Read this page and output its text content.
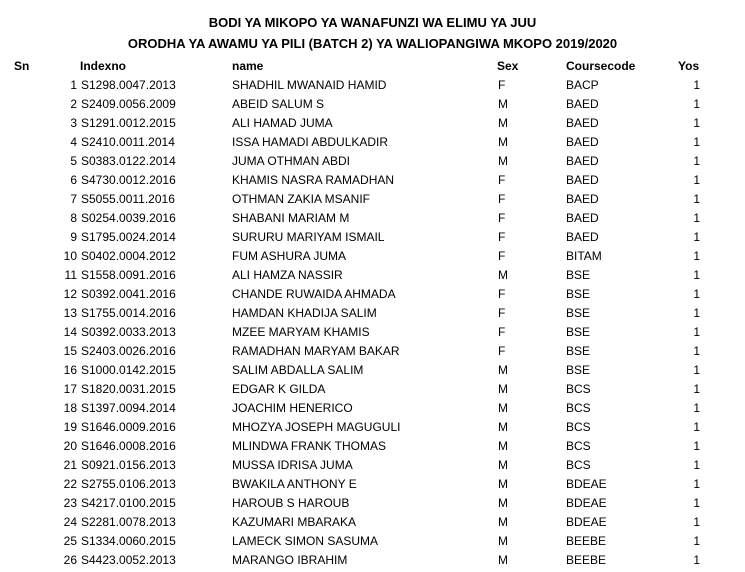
BODI YA MIKOPO YA WANAFUNZI WA ELIMU YA JUU
ORODHA YA AWAMU YA PILI (BATCH 2) YA WALIOPANGIWA MKOPO 2019/2020
Sn	Indexno	name	Sex	Coursecode	Yos
1 S1298.0047.2013	SHADHIL MWANAID HAMID	F	BACP	1
2 S2409.0056.2009	ABEID SALUM S	M	BAED	1
3 S1291.0012.2015	ALI HAMAD JUMA	M	BAED	1
4 S2410.0011.2014	ISSA HAMADI ABDULKADIR	M	BAED	1
5 S0383.0122.2014	JUMA OTHMAN ABDI	M	BAED	1
6 S4730.0012.2016	KHAMIS NASRA RAMADHAN	F	BAED	1
7 S5055.0011.2016	OTHMAN ZAKIA MSANIF	F	BAED	1
8 S0254.0039.2016	SHABANI MARIAM M	F	BAED	1
9 S1795.0024.2014	SURURU MARIYAM ISMAIL	F	BAED	1
10 S0402.0004.2012	FUM ASHURA JUMA	F	BITAM	1
11 S1558.0091.2016	ALI HAMZA NASSIR	M	BSE	1
12 S0392.0041.2016	CHANDE RUWAIDA AHMADA	F	BSE	1
13 S1755.0014.2016	HAMDAN KHADIJA SALIM	F	BSE	1
14 S0392.0033.2013	MZEE MARYAM KHAMIS	F	BSE	1
15 S2403.0026.2016	RAMADHAN MARYAM BAKAR	F	BSE	1
16 S1000.0142.2015	SALIM ABDALLA SALIM	M	BSE	1
17 S1820.0031.2015	EDGAR K GILDA	M	BCS	1
18 S1397.0094.2014	JOACHIM HENERICO	M	BCS	1
19 S1646.0009.2016	MHOZYA JOSEPH MAGUGULI	M	BCS	1
20 S1646.0008.2016	MLINDWA FRANK THOMAS	M	BCS	1
21 S0921.0156.2013	MUSSA IDRISA JUMA	M	BCS	1
22 S2755.0106.2013	BWAKILA ANTHONY E	M	BDEAE	1
23 S4217.0100.2015	HAROUB S HAROUB	M	BDEAE	1
24 S2281.0078.2013	KAZUMARI MBARAKA	M	BDEAE	1
25 S1334.0060.2015	LAMECK SIMON SASUMA	M	BEEBE	1
26 S4423.0052.2013	MARANGO IBRAHIM	M	BEEBE	1
